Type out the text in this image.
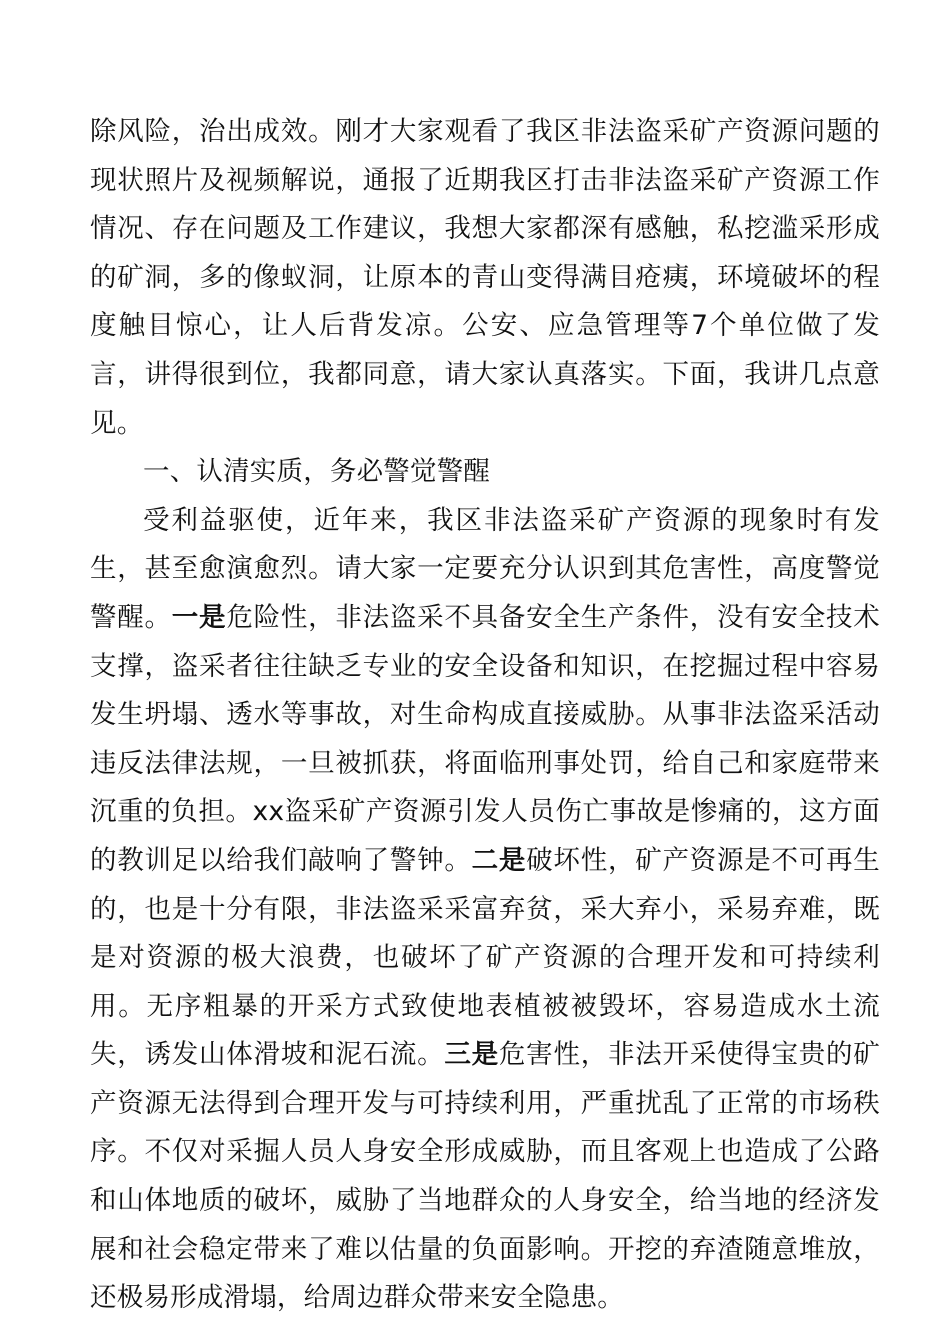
除风险，治出成效。刚才大家观看了我区非法盗采矿产资源问题的现状照片及视频解说，通报了近期我区打击非法盗采矿产资源工作情况、存在问题及工作建议，我想大家都深有感触，私挖滥采形成的矿洞，多的像蚁洞，让原本的青山变得满目疮痍，环境破坏的程度触目惊心，让人后背发凉。公安、应急管理等7个单位做了发言，讲得很到位，我都同意，请大家认真落实。下面，我讲几点意见。

一、认清实质，务必警觉警醒

受利益驱使，近年来，我区非法盗采矿产资源的现象时有发生，甚至愈演愈烈。请大家一定要充分认识到其危害性，高度警觉警醒。一是危险性，非法盗采不具备安全生产条件，没有安全技术支撑，盗采者往往缺乏专业的安全设备和知识，在挖掘过程中容易发生坍塌、透水等事故，对生命构成直接威胁。从事非法盗采活动违反法律法规，一旦被抓获，将面临刑事处罚，给自己和家庭带来沉重的负担。xx盗采矿产资源引发人员伤亡事故是惨痛的，这方面的教训足以给我们敲响了警钟。二是破坏性，矿产资源是不可再生的，也是十分有限，非法盗采采富弃贫，采大弃小，采易弃难，既是对资源的极大浪费，也破坏了矿产资源的合理开发和可持续利用。无序粗暴的开采方式致使地表植被被毁坏，容易造成水土流失，诱发山体滑坡和泥石流。三是危害性，非法开采使得宝贵的矿产资源无法得到合理开发与可持续利用，严重扰乱了正常的市场秩序。不仅对采掘人员人身安全形成威胁，而且客观上也造成了公路和山体地质的破坏，威胁了当地群众的人身安全，给当地的经济发展和社会稳定带来了难以估量的负面影响。开挖的弃渣随意堆放，还极易形成滑塌，给周边群众带来安全隐患。
